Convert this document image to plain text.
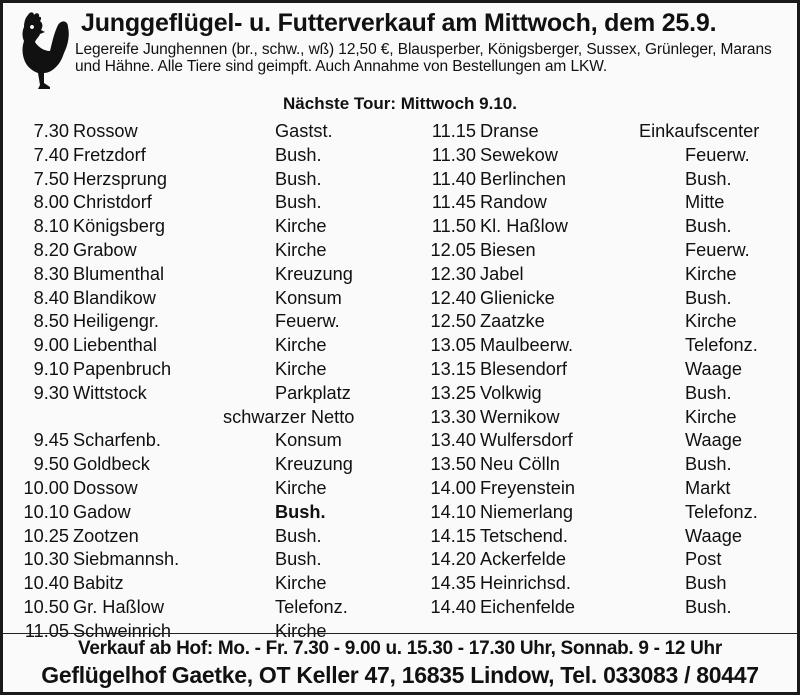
Junggeflügel- u. Futterverkauf am Mittwoch, dem 25.9.
Legereife Junghennen (br., schw., wß) 12,50 €, Blausperber, Königsberger, Sussex, Grünleger, Marans und Hähne. Alle Tiere sind geimpft. Auch Annahme von Bestellungen am LKW.
Nächste Tour: Mittwoch 9.10.
7.30 Rossow	Gastst.
7.40 Fretzdorf	Bush.
7.50 Herzsprung	Bush.
8.00 Christdorf	Bush.
8.10 Königsberg	Kirche
8.20 Grabow	Kirche
8.30 Blumenthal	Kreuzung
8.40 Blandikow	Konsum
8.50 Heiligengr.	Feuerw.
9.00 Liebenthal	Kirche
9.10 Papenbruch	Kirche
9.30 Wittstock	Parkplatz
schwarzer Netto
9.45 Scharfenb.	Konsum
9.50 Goldbeck	Kreuzung
10.00 Dossow	Kirche
10.10 Gadow	Bush.
10.25 Zootzen	Bush.
10.30 Siebmannsh.	Bush.
10.40 Babitz	Kirche
10.50 Gr. Haßlow	Telefonz.
11.05 Schweinrich	Kirche
11.15 Dranse	Einkaufscenter
11.30 Sewekow	Feuerw.
11.40 Berlinchen	Bush.
11.45 Randow	Mitte
11.50 Kl. Haßlow	Bush.
12.05 Biesen	Feuerw.
12.30 Jabel	Kirche
12.40 Glienicke	Bush.
12.50 Zaatzke	Kirche
13.05 Maulbeerw.	Telefonz.
13.15 Blesendorf	Waage
13.25 Volkwig	Bush.
13.30 Wernikow	Kirche
13.40 Wulfersdorf	Waage
13.50 Neu Cölln	Bush.
14.00 Freyenstein	Markt
14.10 Niemerlang	Telefonz.
14.15 Tetschend.	Waage
14.20 Ackerfelde	Post
14.35 Heinrichsd.	Bush
14.40 Eichenfelde	Bush.
Verkauf ab Hof: Mo. - Fr. 7.30 - 9.00 u. 15.30 - 17.30 Uhr, Sonnab. 9 - 12 Uhr
Geflügelhof Gaetke, OT Keller 47, 16835 Lindow, Tel. 033083 / 80447
